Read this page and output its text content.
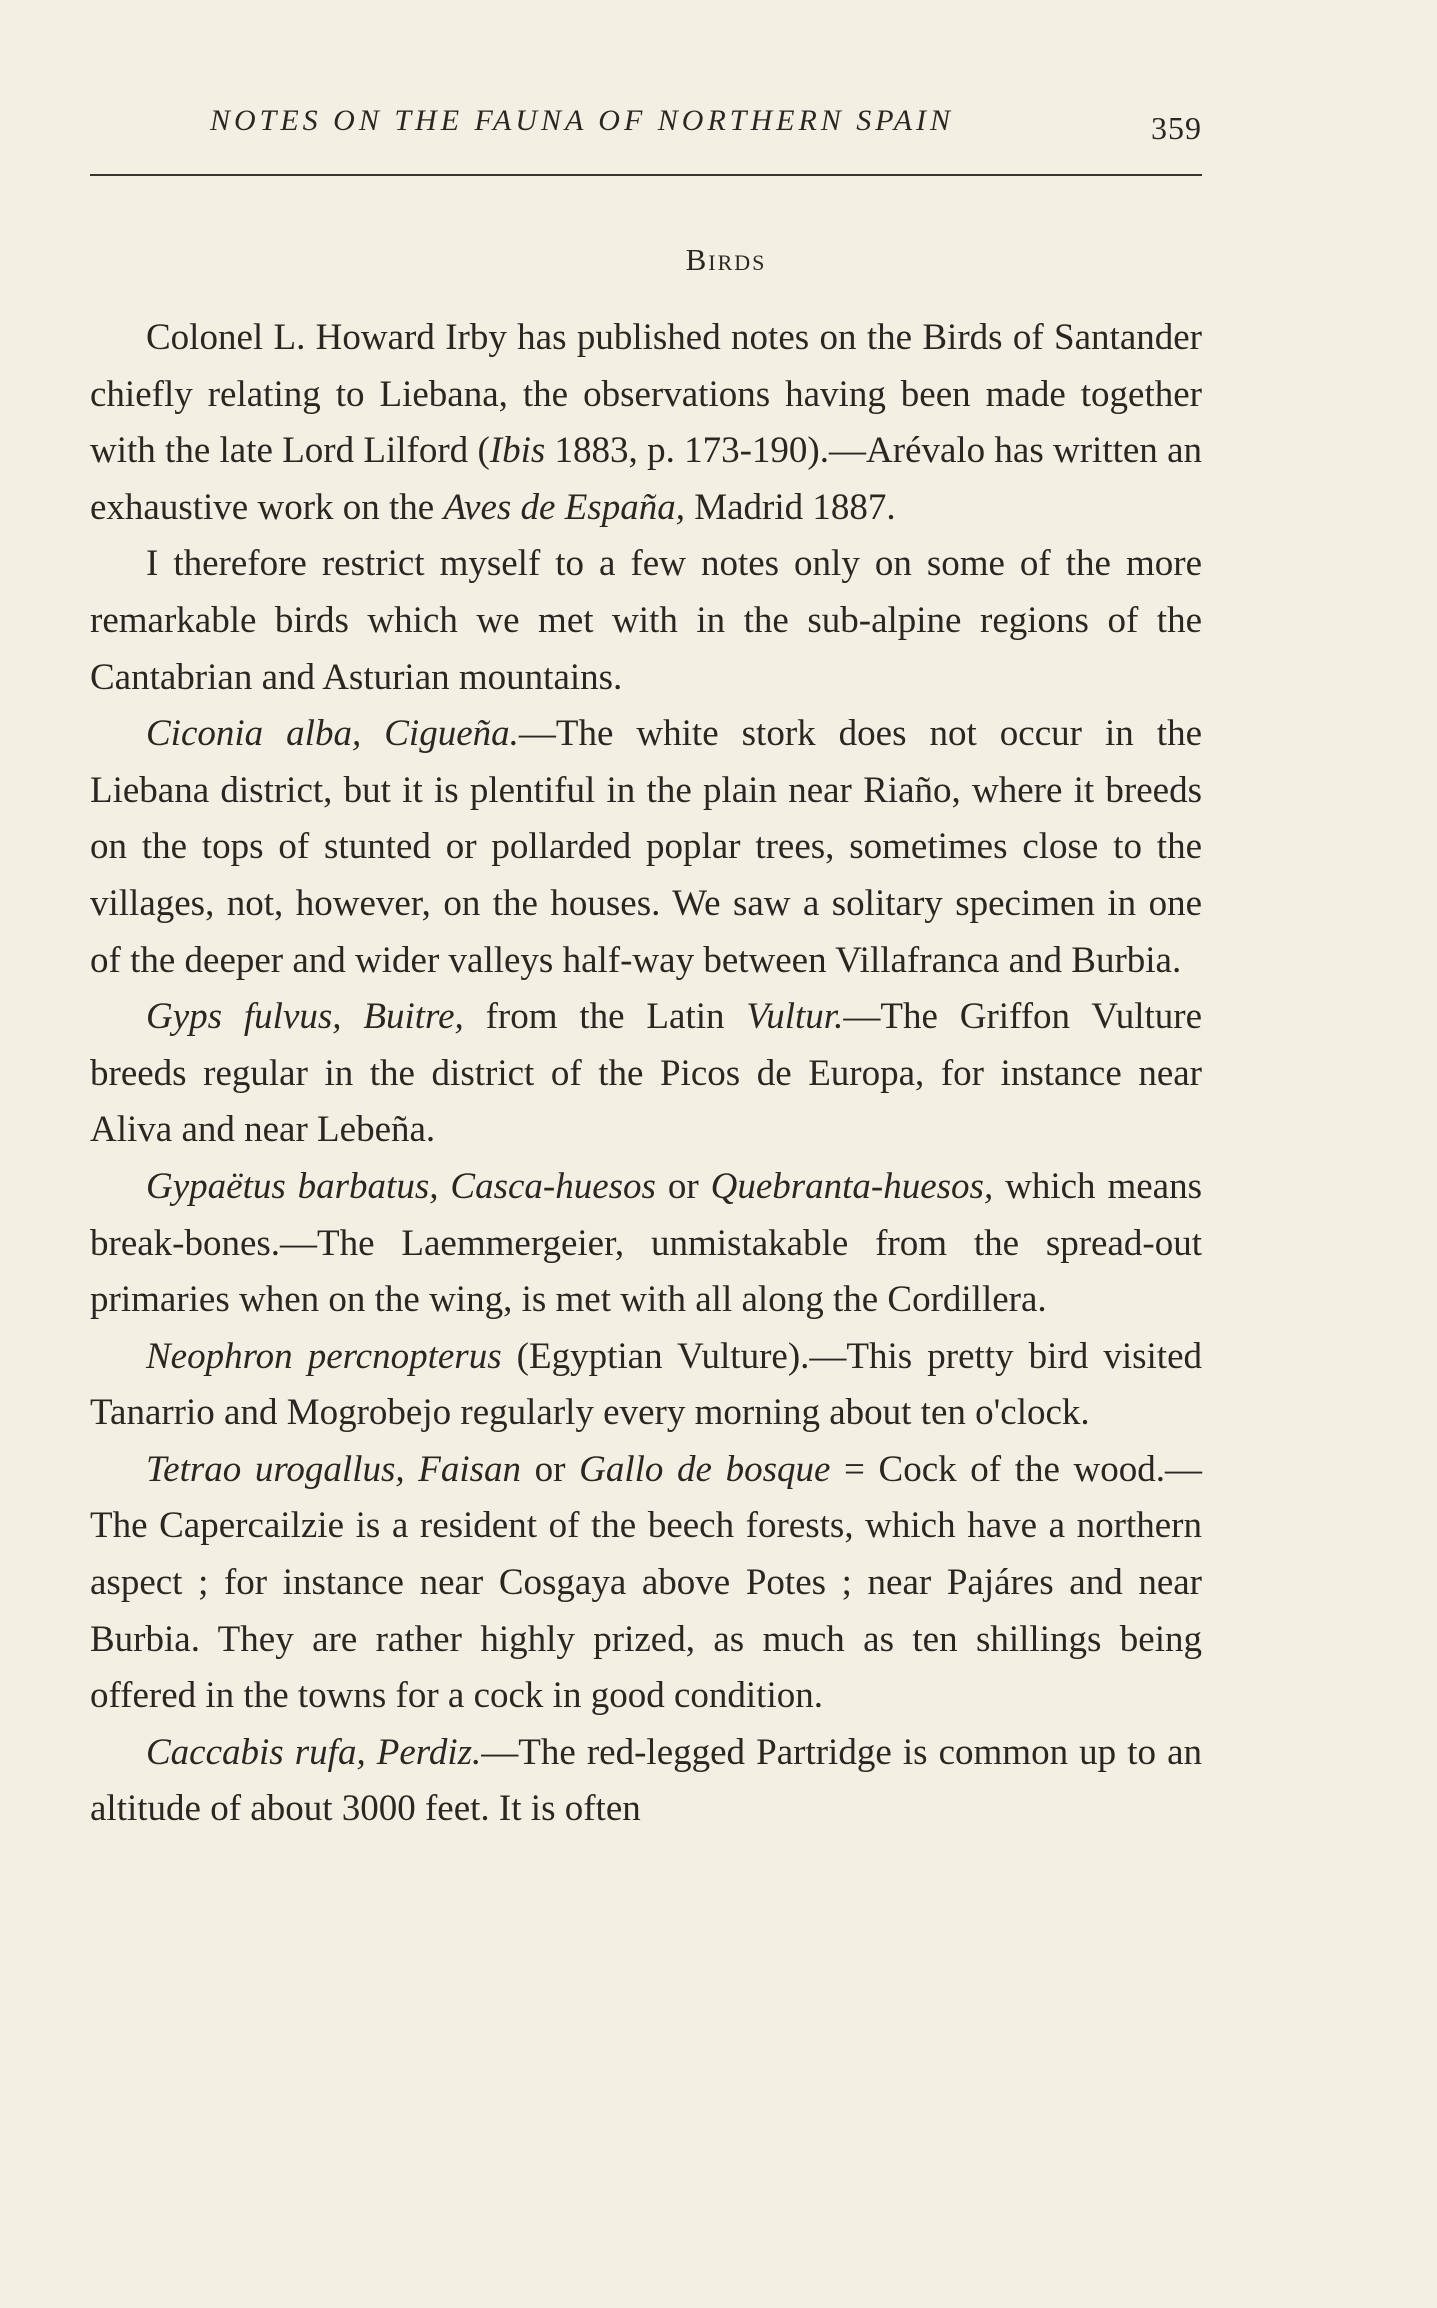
NOTES ON THE FAUNA OF NORTHERN SPAIN	359
Birds

Colonel L. Howard Irby has published notes on the Birds of Santander chiefly relating to Liebana, the observations having been made together with the late Lord Lilford (Ibis 1883, p. 173-190).—Arévalo has written an exhaustive work on the Aves de España, Madrid 1887.

I therefore restrict myself to a few notes only on some of the more remarkable birds which we met with in the sub-alpine regions of the Cantabrian and Asturian mountains.

Ciconia alba, Cigueña.—The white stork does not occur in the Liebana district, but it is plentiful in the plain near Riaño, where it breeds on the tops of stunted or pollarded poplar trees, sometimes close to the villages, not, however, on the houses. We saw a solitary specimen in one of the deeper and wider valleys half-way between Villafranca and Burbia.

Gyps fulvus, Buitre, from the Latin Vultur.—The Griffon Vulture breeds regular in the district of the Picos de Europa, for instance near Aliva and near Lebeña.

Gypaëtus barbatus, Casca-huesos or Quebranta-huesos, which means break-bones.—The Laemmergeier, unmistakable from the spread-out primaries when on the wing, is met with all along the Cordillera.

Neophron percnopterus (Egyptian Vulture).—This pretty bird visited Tanarrio and Mogrobejo regularly every morning about ten o'clock.

Tetrao urogallus, Faisan or Gallo de bosque = Cock of the wood.—The Capercailzie is a resident of the beech forests, which have a northern aspect ; for instance near Cosgaya above Potes ; near Pajáres and near Burbia. They are rather highly prized, as much as ten shillings being offered in the towns for a cock in good condition.

Caccabis rufa, Perdiz.—The red-legged Partridge is common up to an altitude of about 3000 feet. It is often
